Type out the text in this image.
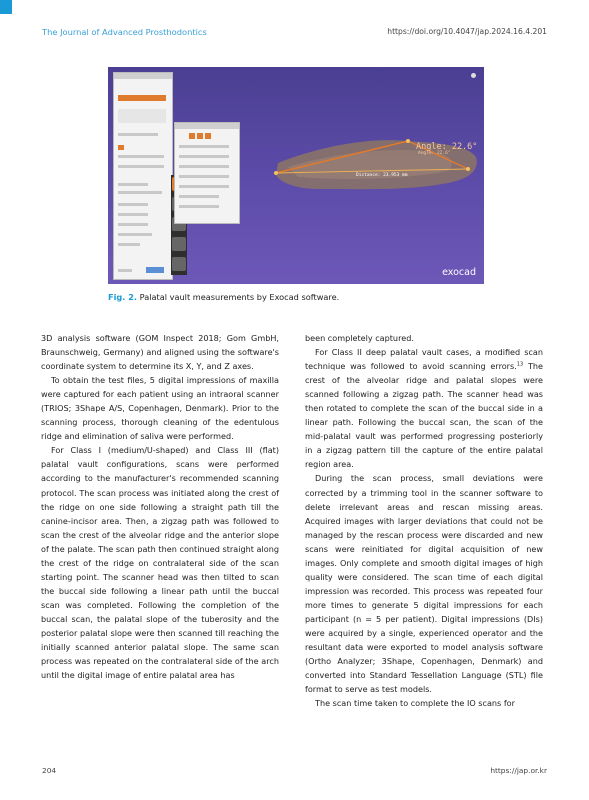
The Journal of Advanced Prosthodontics	https://doi.org/10.4047/jap.2024.16.4.201
Angle: 22.6°
Angle: 22.6°
Distance: 23.953 mm
exocad
Fig. 2. Palatal vault measurements by Exocad software.

3D analysis software (GOM Inspect 2018; Gom GmbH, Braunschweig, Germany) and aligned using the software's coordinate system to determine its X, Y, and Z axes.

To obtain the test files, 5 digital impressions of maxilla were captured for each patient using an intraoral scanner (TRIOS; 3Shape A/S, Copenhagen, Denmark). Prior to the scanning process, thorough cleaning of the edentulous ridge and elimination of saliva were performed.

For Class I (medium/U-shaped) and Class III (flat) palatal vault configurations, scans were performed according to the manufacturer's recommended scanning protocol. The scan process was initiated along the crest of the ridge on one side following a straight path till the canine-incisor area. Then, a zigzag path was followed to scan the crest of the alveolar ridge and the anterior slope of the palate. The scan path then continued straight along the crest of the ridge on contralateral side of the scan starting point. The scanner head was then tilted to scan the buccal side following a linear path until the buccal scan was completed. Following the completion of the buccal scan, the palatal slope of the tuberosity and the posterior palatal slope were then scanned till reaching the initially scanned anterior palatal slope. The same scan process was repeated on the contralateral side of the arch until the digital image of entire palatal area has

been completely captured.

For Class II deep palatal vault cases, a modified scan technique was followed to avoid scanning errors.$^{13}$ The crest of the alveolar ridge and palatal slopes were scanned following a zigzag path. The scanner head was then rotated to complete the scan of the buccal side in a linear path. Following the buccal scan, the scan of the mid-palatal vault was performed progressing posteriorly in a zigzag pattern till the capture of the entire palatal region area.

During the scan process, small deviations were corrected by a trimming tool in the scanner software to delete irrelevant areas and rescan missing areas. Acquired images with larger deviations that could not be managed by the rescan process were discarded and new scans were reinitiated for digital acquisition of new images. Only complete and smooth digital images of high quality were considered. The scan time of each digital impression was recorded. This process was repeated four more times to generate 5 digital impressions for each participant (n = 5 per patient). Digital impressions (DIs) were acquired by a single, experienced operator and the resultant data were exported to model analysis software (Ortho Analyzer; 3Shape, Copenhagen, Denmark) and converted into Standard Tessellation Language (STL) file format to serve as test models.

The scan time taken to complete the IO scans for

204	https://jap.or.kr
